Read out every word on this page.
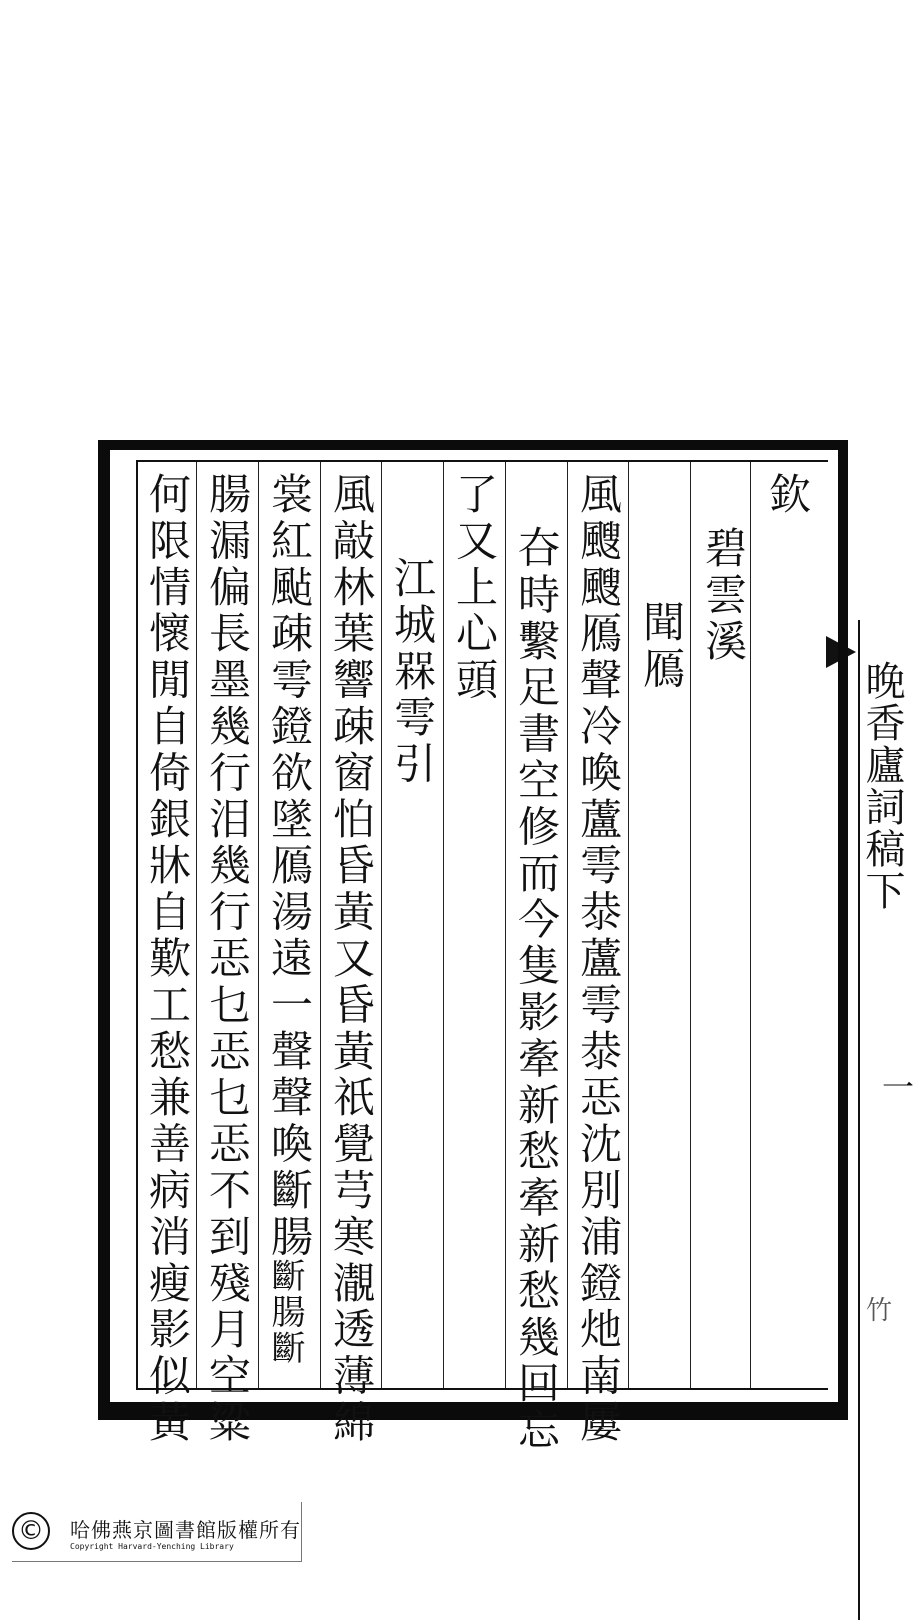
晚香廬詞稿下
一
竹
欽
碧雲溪
聞鴈
風颼颼鴈聲冷喚蘆雩㳟蘆雩㳟𢘫沈別浦鐙灺南屢
夻時繫足書空修而今隻影牽新愁牽新愁幾回忘
了又上心頭
江城槑雩引
風敲林葉響疎窗怕昏黃又昏黃祇覺芎寒㵾透薄綿
裳紅颭疎雩鐙欲墜鴈湯遠一聲聲喚斷腸
斷腸斷
腸漏偏長墨幾行泪幾行𢘫乜𢘫乜𢘫不到殘月空粱
何限情懷閒自倚銀牀自歎工愁兼善病消瘦影似黃
©	哈佛燕京圖書館版權所有
Copyright Harvard-Yenching Library
